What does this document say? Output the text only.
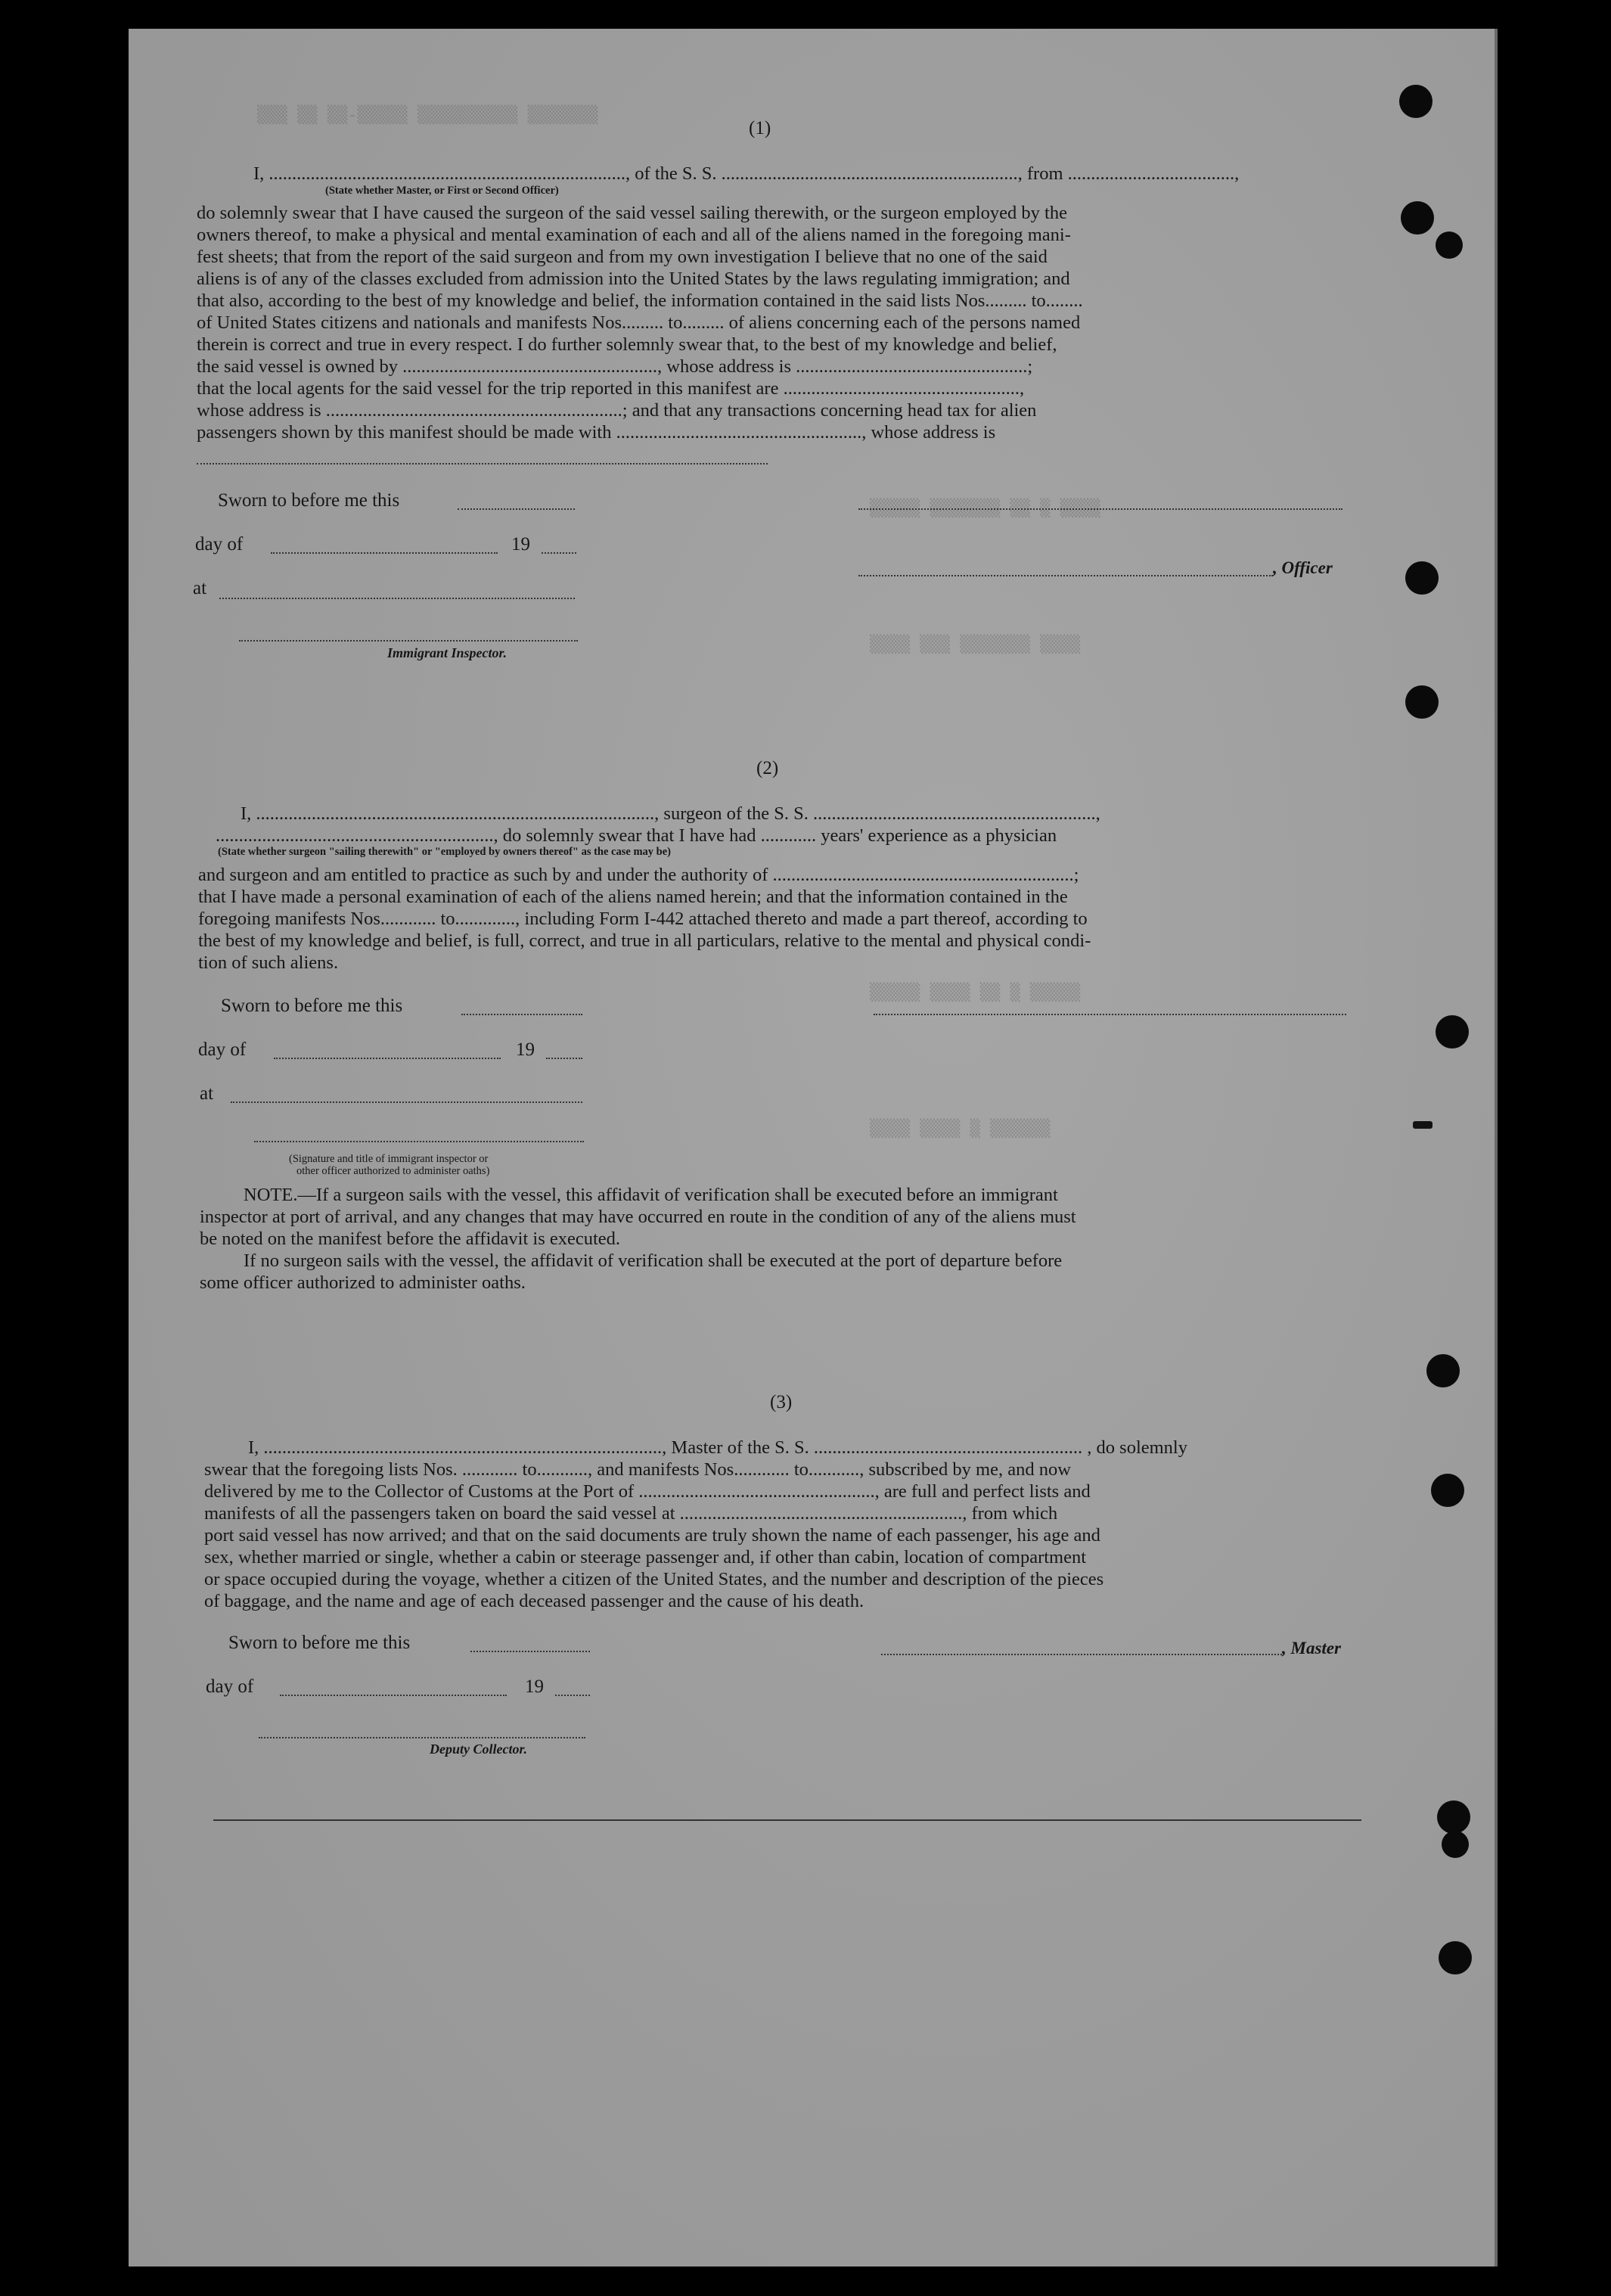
▒▒▒ ▒▒ ▒▒-▒▒▒▒▒ ▒▒▒▒▒▒▒▒▒▒ ▒▒▒▒▒▒▒
▒▒▒▒▒ ▒▒▒▒▒▒▒ ▒▒ ▒ ▒▒▒▒
▒▒▒▒ ▒▒▒ ▒▒▒▒▒▒▒ ▒▒▒▒
▒▒▒▒▒ ▒▒▒▒ ▒▒ ▒ ▒▒▒▒▒
▒▒▒▒ ▒▒▒▒ ▒ ▒▒▒▒▒▒
(1)
I, ............................................................................., of the S. S. ................................................................, from ....................................,
(State whether Master, or First or Second Officer)
do solemnly swear that I have caused the surgeon of the said vessel sailing therewith, or the surgeon employed by the
owners thereof, to make a physical and mental examination of each and all of the aliens named in the foregoing mani-
fest sheets; that from the report of the said surgeon and from my own investigation I believe that no one of the said
aliens is of any of the classes excluded from admission into the United States by the laws regulating immigration; and
that also, according to the best of my knowledge and belief, the information contained in the said lists Nos......... to........
of United States citizens and nationals and manifests Nos......... to......... of aliens concerning each of the persons named
therein is correct and true in every respect. I do further solemnly swear that, to the best of my knowledge and belief,
the said vessel is owned by ......................................................., whose address is ..................................................;
that the local agents for the said vessel for the trip reported in this manifest are ...................................................,
whose address is ................................................................; and that any transactions concerning head tax for alien
passengers shown by this manifest should be made with ....................................................., whose address is
Sworn to before me this
day of	19
, Officer
at
Immigrant Inspector.
(2)
I, ......................................................................................, surgeon of the S. S. .............................................................,
............................................................, do solemnly swear that I have had ............ years' experience as a physician
(State whether surgeon "sailing therewith" or "employed by owners thereof" as the case may be)
and surgeon and am entitled to practice as such by and under the authority of .................................................................;
that I have made a personal examination of each of the aliens named herein; and that the information contained in the
foregoing manifests Nos............ to............., including Form I-442 attached thereto and made a part thereof, according to
the best of my knowledge and belief, is full, correct, and true in all particulars, relative to the mental and physical condi-
tion of such aliens.
Sworn to before me this
day of	19
at
(Signature and title of immigrant inspector or
other officer authorized to administer oaths)
NOTE.—If a surgeon sails with the vessel, this affidavit of verification shall be executed before an immigrant
inspector at port of arrival, and any changes that may have occurred en route in the condition of any of the aliens must
be noted on the manifest before the affidavit is executed.
If no surgeon sails with the vessel, the affidavit of verification shall be executed at the port of departure before
some officer authorized to administer oaths.
(3)
I, ......................................................................................, Master of the S. S. .......................................................... , do solemnly
swear that the foregoing lists Nos. ............ to..........., and manifests Nos............ to..........., subscribed by me, and now
delivered by me to the Collector of Customs at the Port of ..................................................., are full and perfect lists and
manifests of all the passengers taken on board the said vessel at ............................................................., from which
port said vessel has now arrived; and that on the said documents are truly shown the name of each passenger, his age and
sex, whether married or single, whether a cabin or steerage passenger and, if other than cabin, location of compartment
or space occupied during the voyage, whether a citizen of the United States, and the number and description of the pieces
of baggage, and the name and age of each deceased passenger and the cause of his death.
Sworn to before me this	, Master
day of	19
Deputy Collector.
